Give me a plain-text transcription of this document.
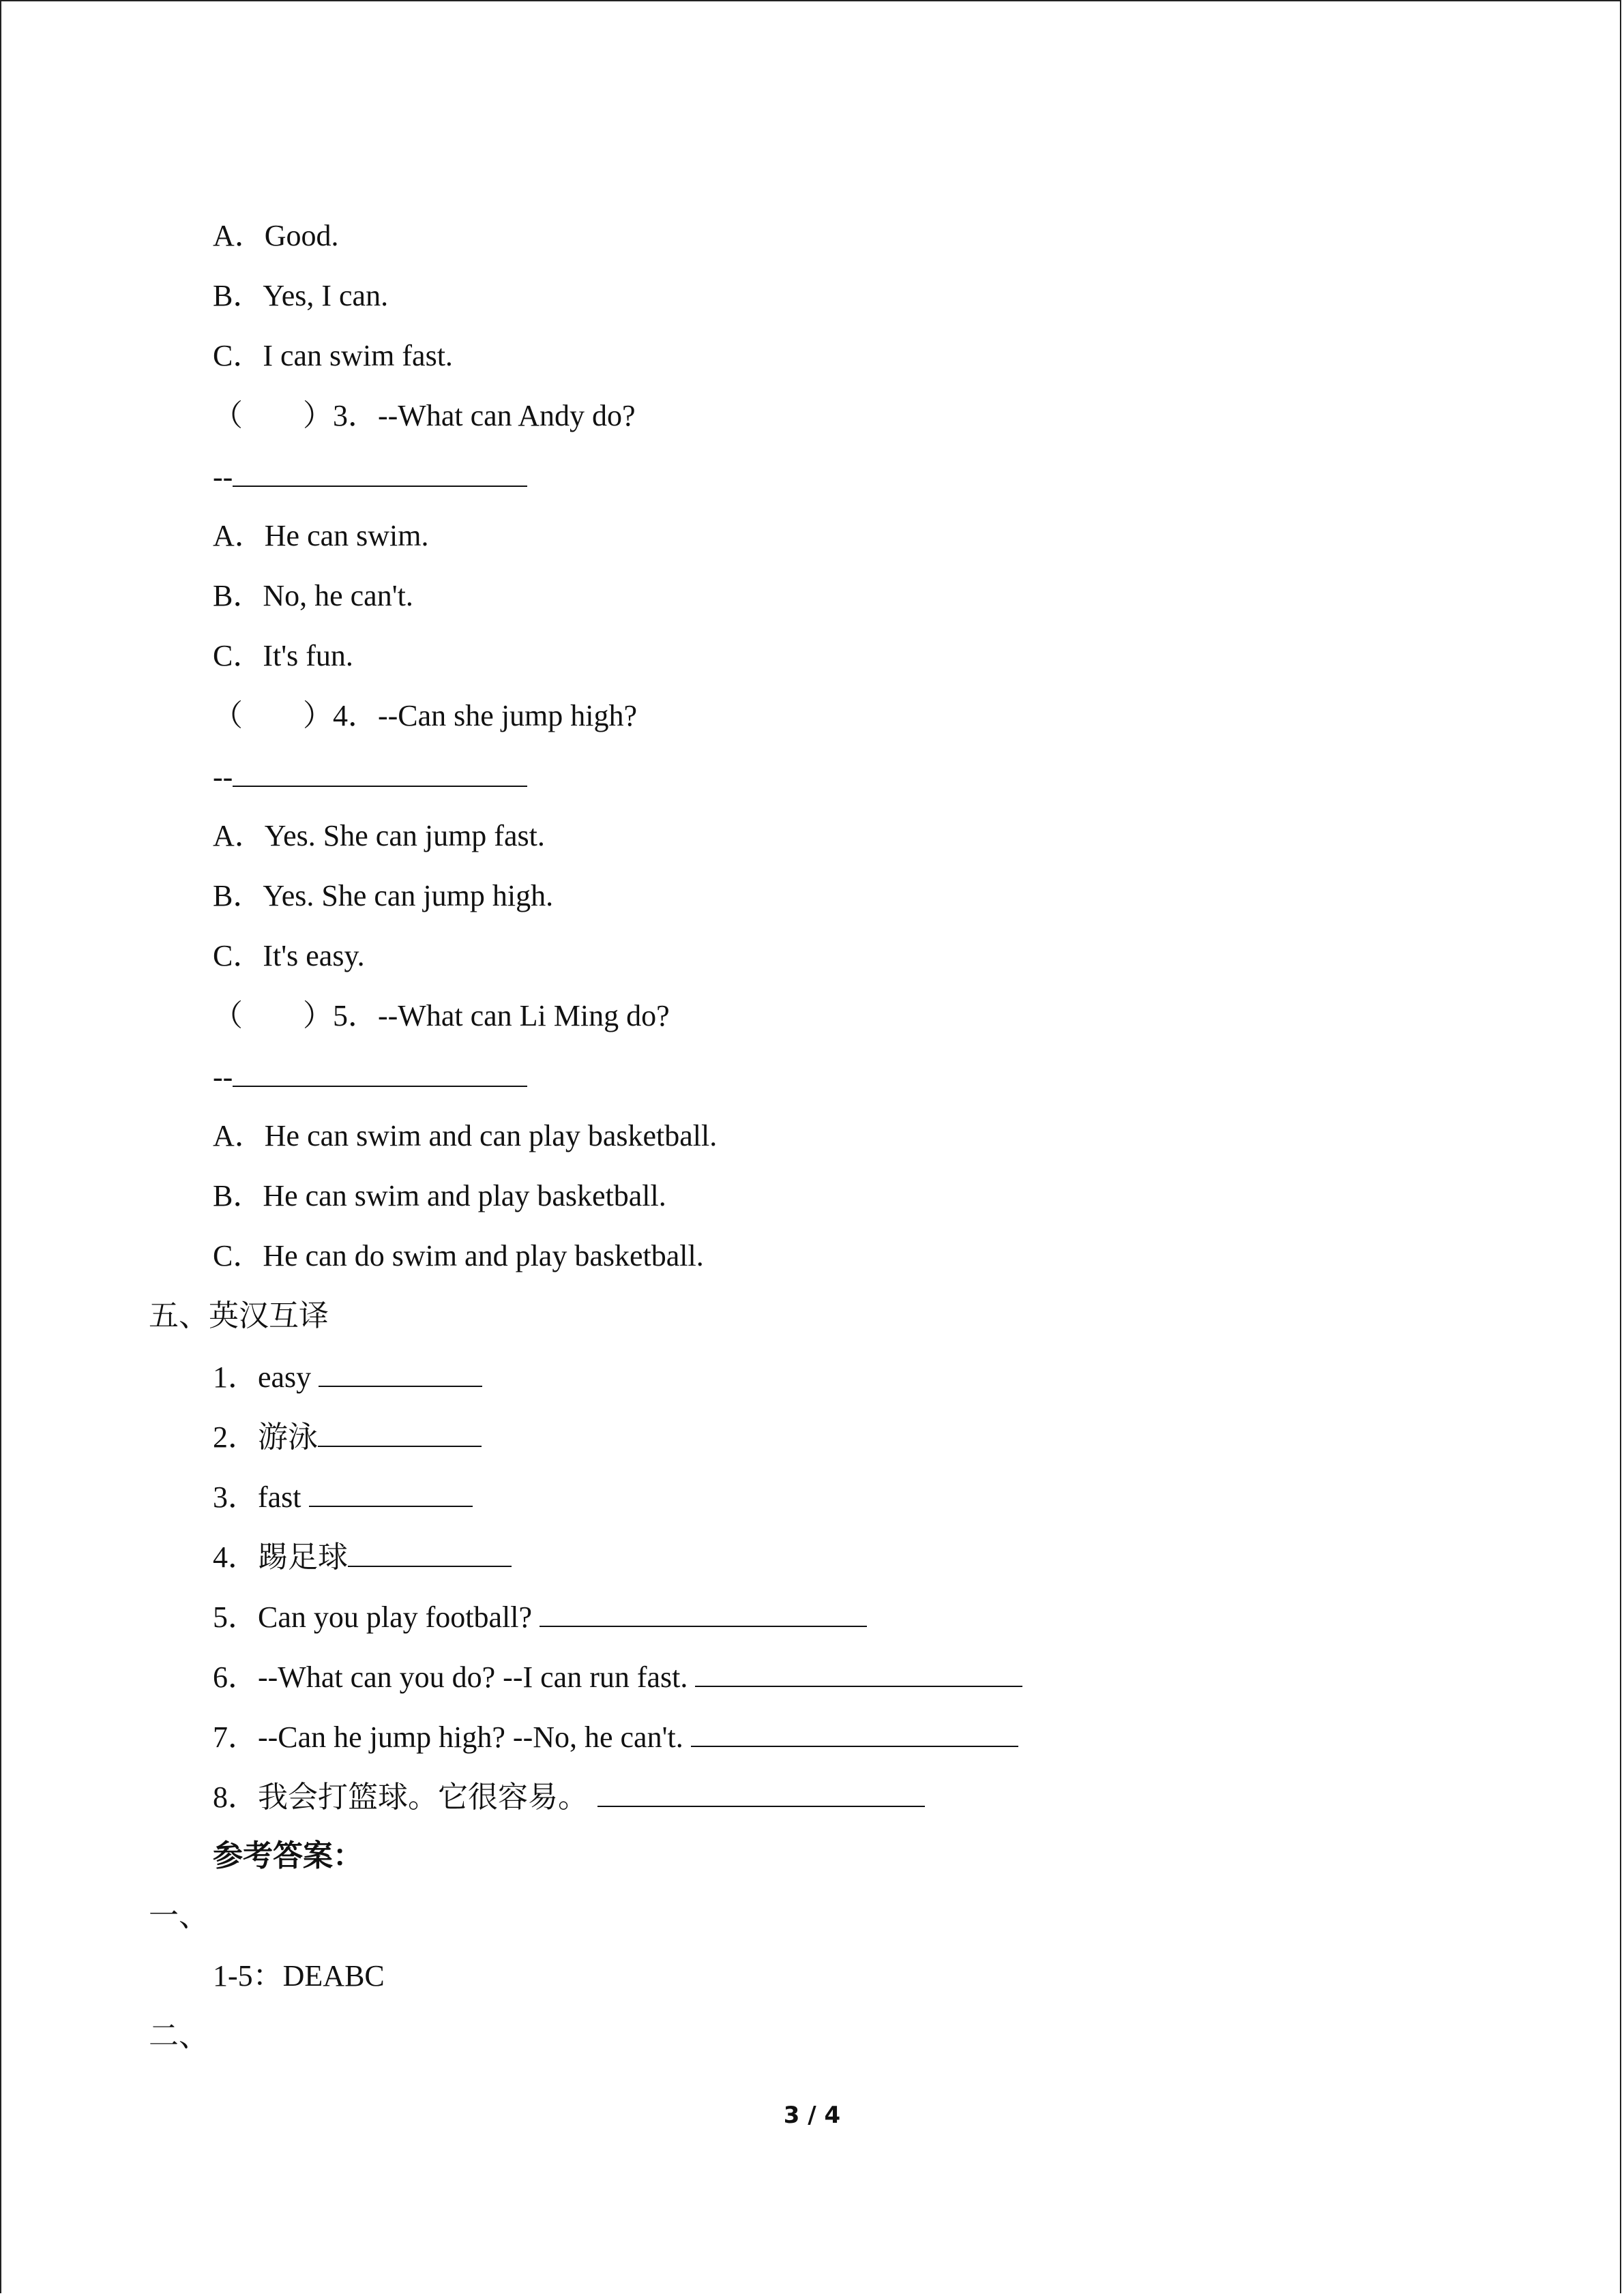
A．Good.
B．Yes, I can.
C．I can swim fast.
（　　）3．--What can Andy do?
--
A．He can swim.
B．No, he can't.
C．It's fun.
（　　）4．--Can she jump high?
--
A．Yes. She can jump fast.
B．Yes. She can jump high.
C．It's easy.
（　　）5．--What can Li Ming do?
--
A．He can swim and can play basketball.
B．He can swim and play basketball.
C．He can do swim and play basketball.
五、英汉互译
1．easy
2．游泳
3．fast
4．踢足球
5．Can you play football?
6．--What can you do? --I can run fast.
7．--Can he jump high? --No, he can't.
8．我会打篮球。它很容易。
参考答案：
一、
1-5：DEABC
二、
3 / 4
